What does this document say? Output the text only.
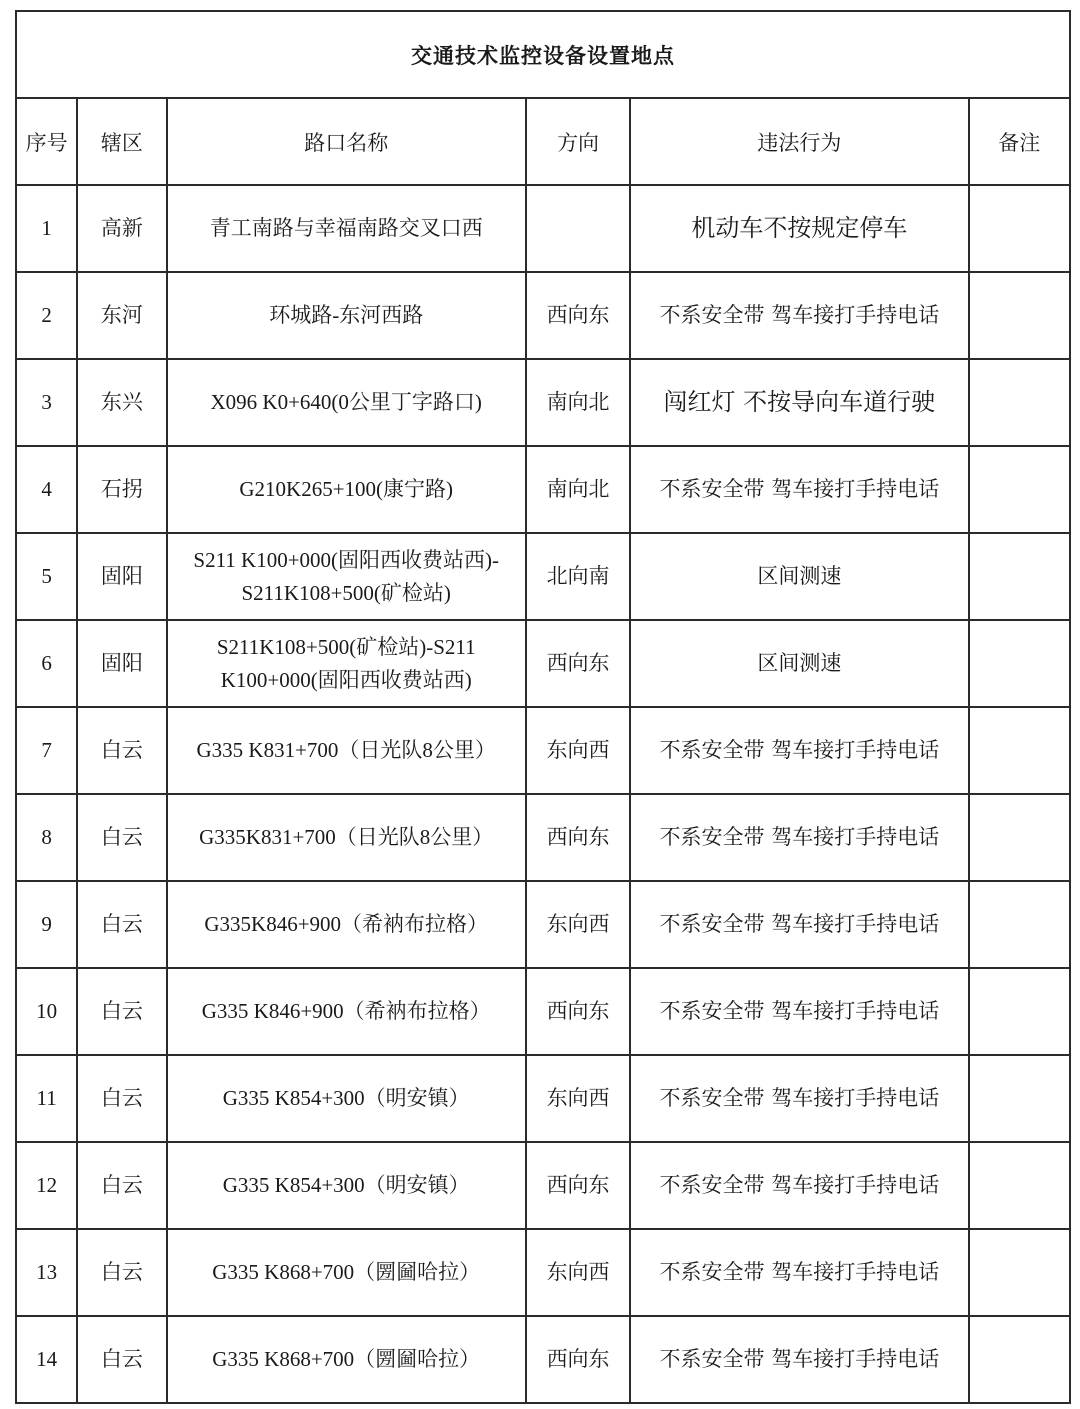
交通技术监控设备设置地点					
序号	辖区	路口名称	方向	违法行为	备注
1	高新	青工南路与幸福南路交叉口西		机动车不按规定停车	
2	东河	环城路-东河西路	西向东	不系安全带 驾车接打手持电话	
3	东兴	X096 K0+640(0公里丁字路口)	南向北	闯红灯 不按导向车道行驶	
4	石拐	G210K265+100(康宁路)	南向北	不系安全带 驾车接打手持电话	
5	固阳	S211 K100+000(固阳西收费站西)-
S211K108+500(矿检站)	北向南	区间测速	
6	固阳	S211K108+500(矿检站)-S211
K100+000(固阳西收费站西)	西向东	区间测速	
7	白云	G335 K831+700（日光队8公里）	东向西	不系安全带 驾车接打手持电话	
8	白云	G335K831+700（日光队8公里）	西向东	不系安全带 驾车接打手持电话	
9	白云	G335K846+900（希衲布拉格）	东向西	不系安全带 驾车接打手持电话	
10	白云	G335 K846+900（希衲布拉格）	西向东	不系安全带 驾车接打手持电话	
11	白云	G335 K854+300（明安镇）	东向西	不系安全带 驾车接打手持电话	
12	白云	G335 K854+300（明安镇）	西向东	不系安全带 驾车接打手持电话	
13	白云	G335 K868+700（圐圙哈拉）	东向西	不系安全带 驾车接打手持电话	
14	白云	G335 K868+700（圐圙哈拉）	西向东	不系安全带 驾车接打手持电话	
